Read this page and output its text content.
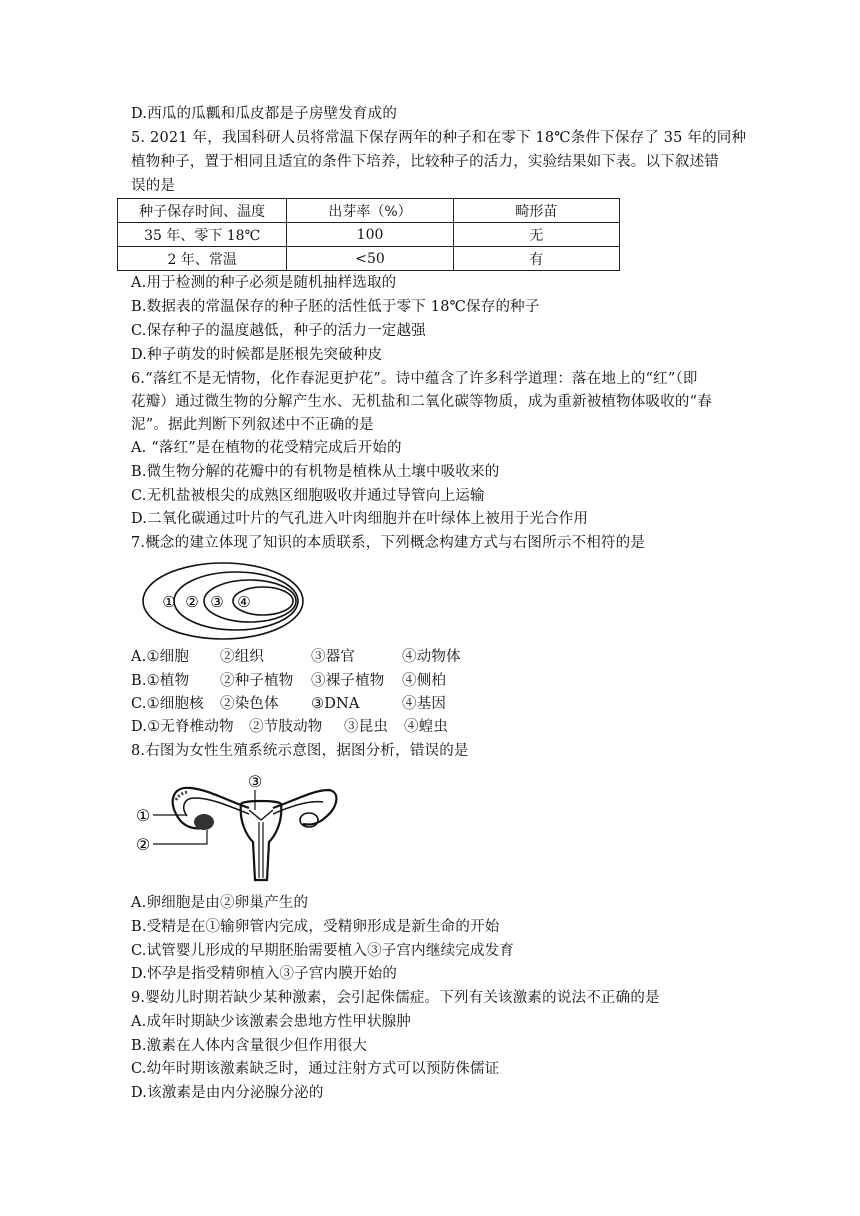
D.西瓜的瓜瓤和瓜皮都是子房壁发育成的
5. 2021 年，我国科研人员将常温下保存两年的种子和在零下 18℃条件下保存了 35 年的同种
植物种子，置于相同且适宜的条件下培养，比较种子的活力，实验结果如下表。以下叙述错
误的是
种子保存时间、温度	出芽率（%）	畸形苗
35 年、零下 18℃	100	无
2 年、常温	<50	有
A.用于检测的种子必须是随机抽样选取的
B.数据表的常温保存的种子胚的活性低于零下 18℃保存的种子
C.保存种子的温度越低，种子的活力一定越强
D.种子萌发的时候都是胚根先突破种皮
6.“落红不是无情物，化作春泥更护花”。诗中蕴含了许多科学道理：落在地上的“红”（即
花瓣）通过微生物的分解产生水、无机盐和二氧化碳等物质，成为重新被植物体吸收的“春
泥”。据此判断下列叙述中不正确的是
A. “落红”是在植物的花受精完成后开始的
B.微生物分解的花瓣中的有机物是植株从土壤中吸收来的
C.无机盐被根尖的成熟区细胞吸收并通过导管向上运输
D.二氧化碳通过叶片的气孔进入叶肉细胞并在叶绿体上被用于光合作用
7.概念的建立体现了知识的本质联系，下列概念构建方式与右图所示不相符的是
① ② ③ ④
A.①细胞 ②组织	③器官	④动物体
B.①植物 ②种子植物 ③裸子植物 ④侧柏
C.①细胞核 ②染色体 ③DNA	④基因
D.①无脊椎动物 ②节肢动物 ③昆虫 ④蝗虫
8.右图为女性生殖系统示意图，据图分析，错误的是
③
①
②
A.卵细胞是由②卵巢产生的
B.受精是在①输卵管内完成，受精卵形成是新生命的开始
C.试管婴儿形成的早期胚胎需要植入③子宫内继续完成发育
D.怀孕是指受精卵植入③子宫内膜开始的
9.婴幼儿时期若缺少某种激素，会引起侏儒症。下列有关该激素的说法不正确的是
A.成年时期缺少该激素会患地方性甲状腺肿
B.激素在人体内含量很少但作用很大
C.幼年时期该激素缺乏时，通过注射方式可以预防侏儒证
D.该激素是由内分泌腺分泌的
